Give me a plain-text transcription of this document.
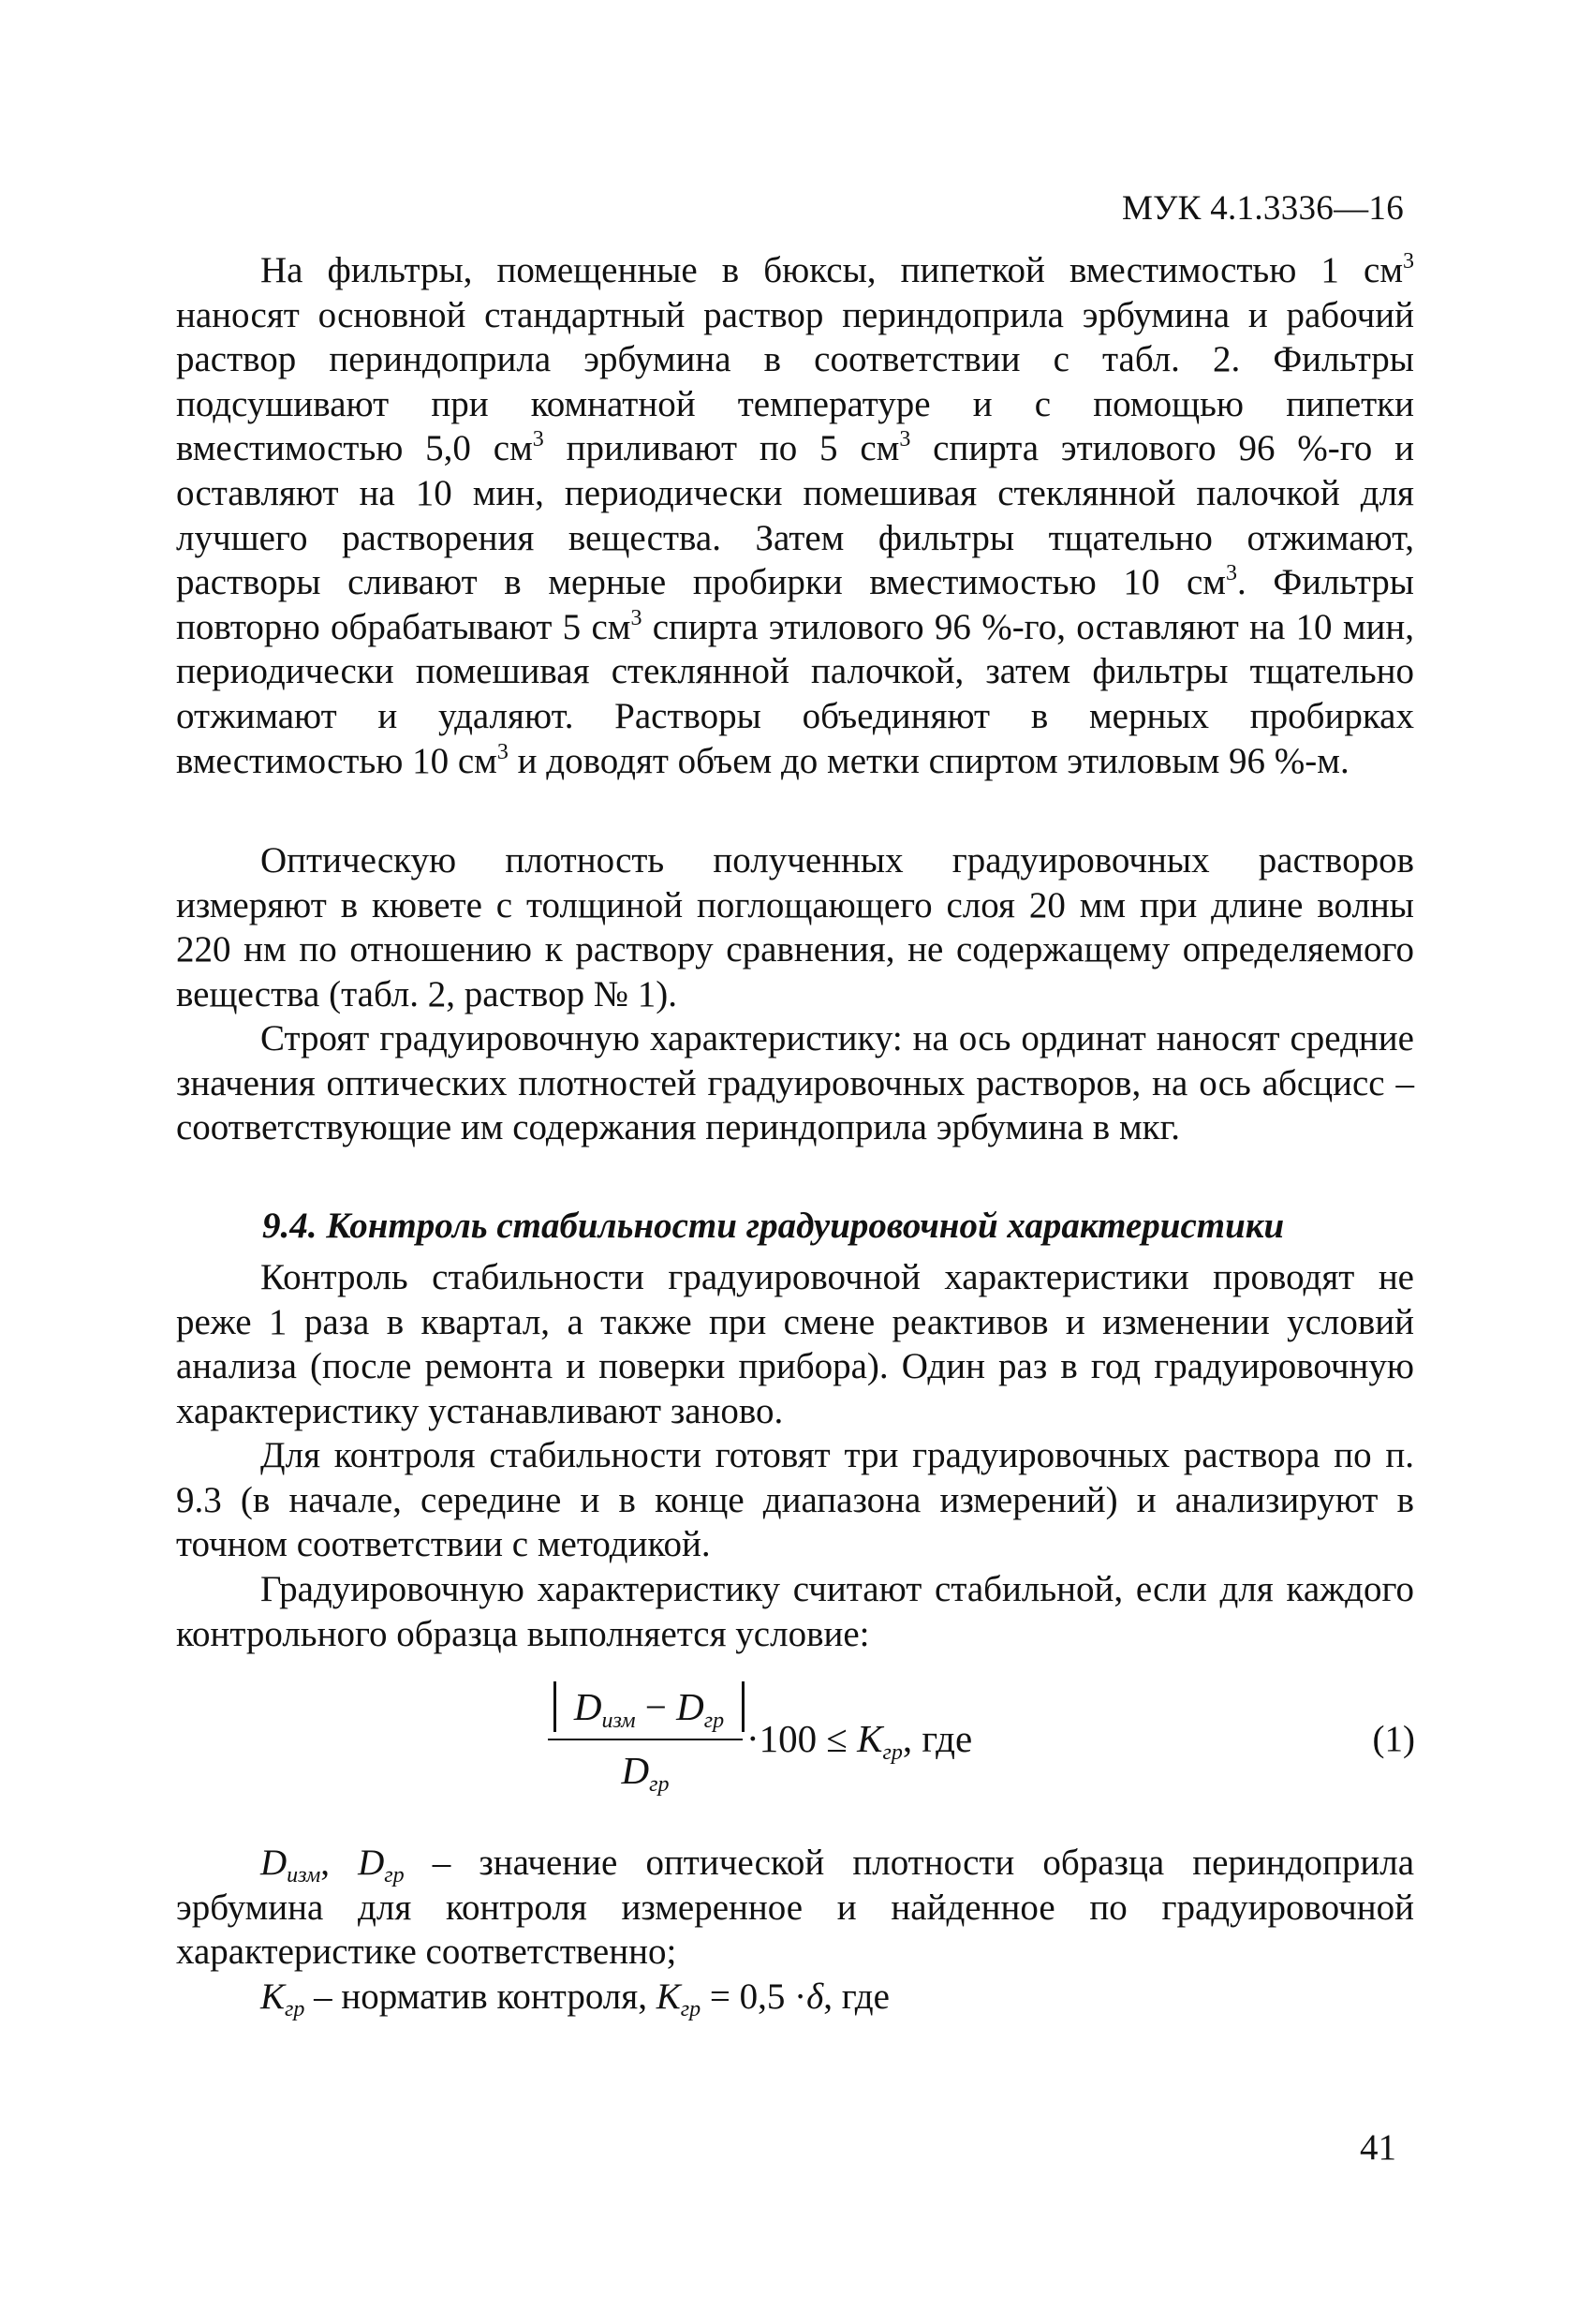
МУК 4.1.3336—16

На фильтры, помещенные в бюксы, пипеткой вместимостью 1 $см^3$ наносят основной стандартный раствор периндоприла эрбумина и рабочий раствор периндоприла эрбумина в соответствии с табл. 2. Фильтры подсушивают при комнатной температуре и с помощью пипетки вместимостью 5,0 $см^3$ приливают по 5 $см^3$ спирта этилового 96 %-го и оставляют на 10 мин, периодически помешивая стеклянной палочкой для лучшего растворения вещества. Затем фильтры тщательно отжимают, растворы сливают в мерные пробирки вместимостью 10 $см^3$. Фильтры повторно обрабатывают 5 $см^3$ спирта этилового 96 %-го, оставляют на 10 мин, периодически помешивая стеклянной палочкой, затем фильтры тщательно отжимают и удаляют. Растворы объединяют в мерных пробирках вместимостью 10 $см^3$ и доводят объем до метки спиртом этиловым 96 %-м.

Оптическую плотность полученных градуировочных растворов измеряют в кювете с толщиной поглощающего слоя 20 мм при длине волны 220 нм по отношению к раствору сравнения, не содержащему определяемого вещества (табл. 2, раствор № 1).

Строят градуировочную характеристику: на ось ординат наносят средние значения оптических плотностей градуировочных растворов, на ось абсцисс – соответствующие им содержания периндоприла эрбумина в мкг.

9.4. Контроль стабильности градуировочной характеристики

Контроль стабильности градуировочной характеристики проводят не реже 1 раза в квартал, а также при смене реактивов и изменении условий анализа (после ремонта и поверки прибора). Один раз в год градуировочную характеристику устанавливают заново.

Для контроля стабильности готовят три градуировочных раствора по п. 9.3 (в начале, середине и в конце диапазона измерений) и анализируют в точном соответствии с методикой.

Градуировочную характеристику считают стабильной, если для каждого контрольного образца выполняется условие:

$D_{изм} - D_{гр}$
$D_{гр}$
$\cdot 100 \le K_{гр}$, где	(1)

$D_{изм}$, $D_{гр}$ – значение оптической плотности образца периндоприла эрбумина для контроля измеренное и найденное по градуировочной характеристике соответственно;

$K_{гр}$ – норматив контроля, $K_{гр} = 0,5 \cdot\delta$, где

41
